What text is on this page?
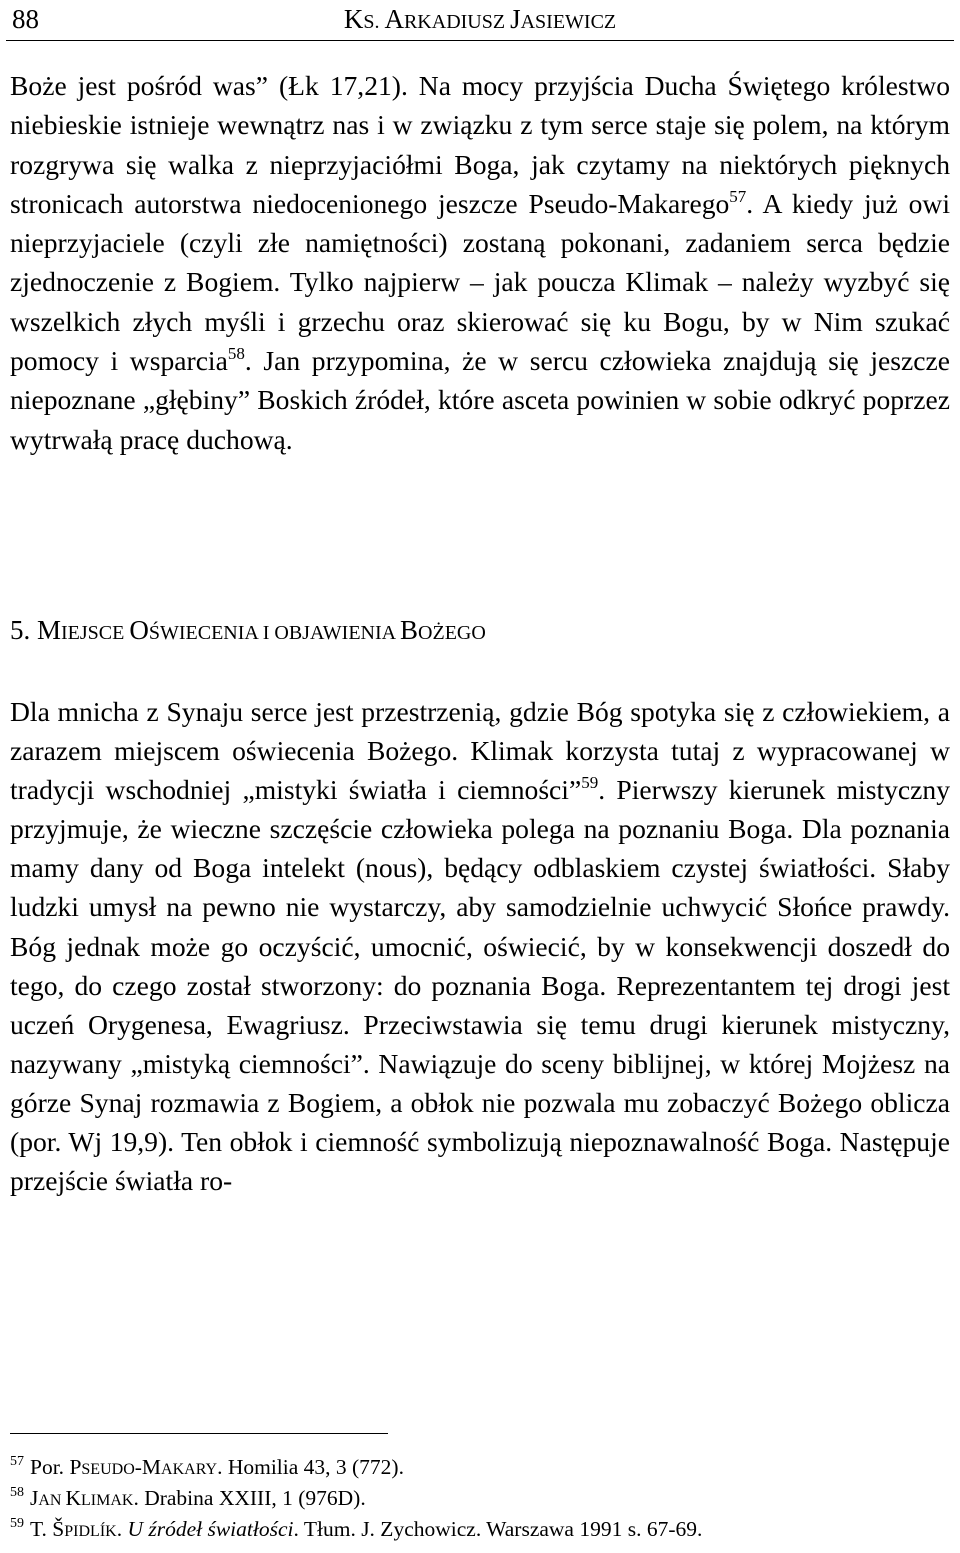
88	KS. ARKADIUSZ JASIEWICZ

Boże jest pośród was” (Łk 17,21). Na mocy przyjścia Ducha Świętego królestwo niebieskie istnieje wewnątrz nas i w związku z tym serce staje się polem, na którym rozgrywa się walka z nieprzyjaciółmi Boga, jak czytamy na niektórych pięknych stronicach autorstwa niedocenionego jeszcze Pseudo-Makarego$^{57}$. A kiedy już owi nieprzyjaciele (czyli złe namiętności) zostaną pokonani, zadaniem serca będzie zjednoczenie z Bogiem. Tylko najpierw – jak poucza Klimak – należy wyzbyć się wszelkich złych myśli i grzechu oraz skierować się ku Bogu, by w Nim szukać pomocy i wsparcia$^{58}$. Jan przypomina, że w sercu człowieka znajdują się jeszcze niepoznane „głębiny” Boskich źródeł, które asceta powinien w sobie odkryć poprzez wytrwałą pracę duchową.

5. MIEJSCE OŚWIECENIA I OBJAWIENIA BOŻEGO

Dla mnicha z Synaju serce jest przestrzenią, gdzie Bóg spotyka się z człowiekiem, a zarazem miejscem oświecenia Bożego. Klimak korzysta tutaj z wypracowanej w tradycji wschodniej „mistyki światła i ciemności”$^{59}$. Pierwszy kierunek mistyczny przyjmuje, że wieczne szczęście człowieka polega na poznaniu Boga. Dla poznania mamy dany od Boga intelekt (nous), będący odblaskiem czystej światłości. Słaby ludzki umysł na pewno nie wystarczy, aby samodzielnie uchwycić Słońce prawdy. Bóg jednak może go oczyścić, umocnić, oświecić, by w konsekwencji doszedł do tego, do czego został stworzony: do poznania Boga. Reprezentantem tej drogi jest uczeń Orygenesa, Ewagriusz. Przeciwstawia się temu drugi kierunek mistyczny, nazywany „mistyką ciemności”. Nawiązuje do sceny biblijnej, w której Mojżesz na górze Synaj rozmawia z Bogiem, a obłok nie pozwala mu zobaczyć Bożego oblicza (por. Wj 19,9). Ten obłok i ciemność symbolizują niepoznawalność Boga. Następuje przejście światła ro-

$^{57}$ Por. PSEUDO-MAKARY. Homilia 43, 3 (772).

$^{58}$ JAN KLIMAK. Drabina XXIII, 1 (976D).

$^{59}$ T. ŠPIDLÍK. U źródeł światłości. Tłum. J. Zychowicz. Warszawa 1991 s. 67-69.
